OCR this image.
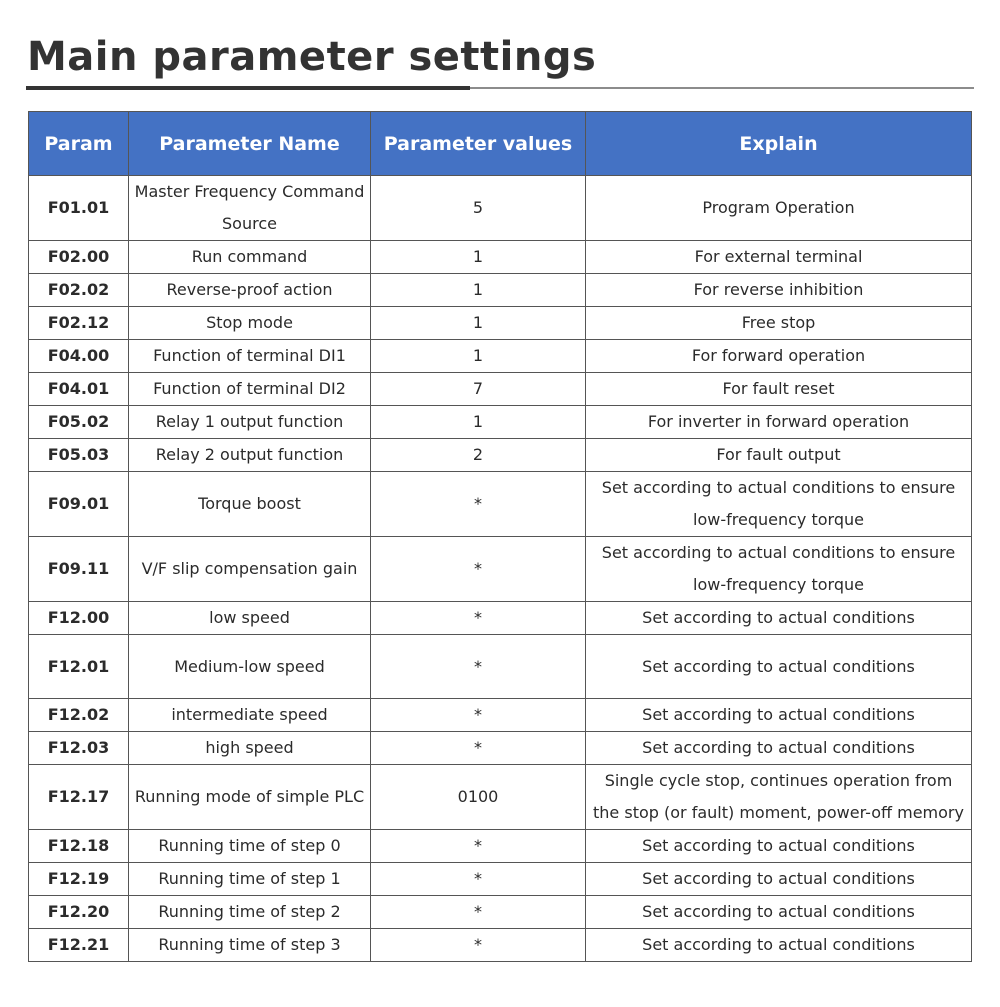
Main parameter settings
Param	Parameter Name	Parameter values	Explain
F01.01	Master Frequency Command Source	5	Program Operation
F02.00	Run command	1	For external terminal
F02.02	Reverse-proof action	1	For reverse inhibition
F02.12	Stop mode	1	Free stop
F04.00	Function of terminal DI1	1	For forward operation
F04.01	Function of terminal DI2	7	For fault reset
F05.02	Relay 1 output function	1	For inverter in forward operation
F05.03	Relay 2 output function	2	For fault output
F09.01	Torque boost	*	Set according to actual conditions to ensure low-frequency torque
F09.11	V/F slip compensation gain	*	Set according to actual conditions to ensure low-frequency torque
F12.00	low speed	*	Set according to actual conditions
F12.01	Medium-low speed	*	Set according to actual conditions
F12.02	intermediate speed	*	Set according to actual conditions
F12.03	high speed	*	Set according to actual conditions
F12.17	Running mode of simple PLC	0100	Single cycle stop, continues operation from the stop (or fault) moment, power-off memory
F12.18	Running time of step 0	*	Set according to actual conditions
F12.19	Running time of step 1	*	Set according to actual conditions
F12.20	Running time of step 2	*	Set according to actual conditions
F12.21	Running time of step 3	*	Set according to actual conditions
